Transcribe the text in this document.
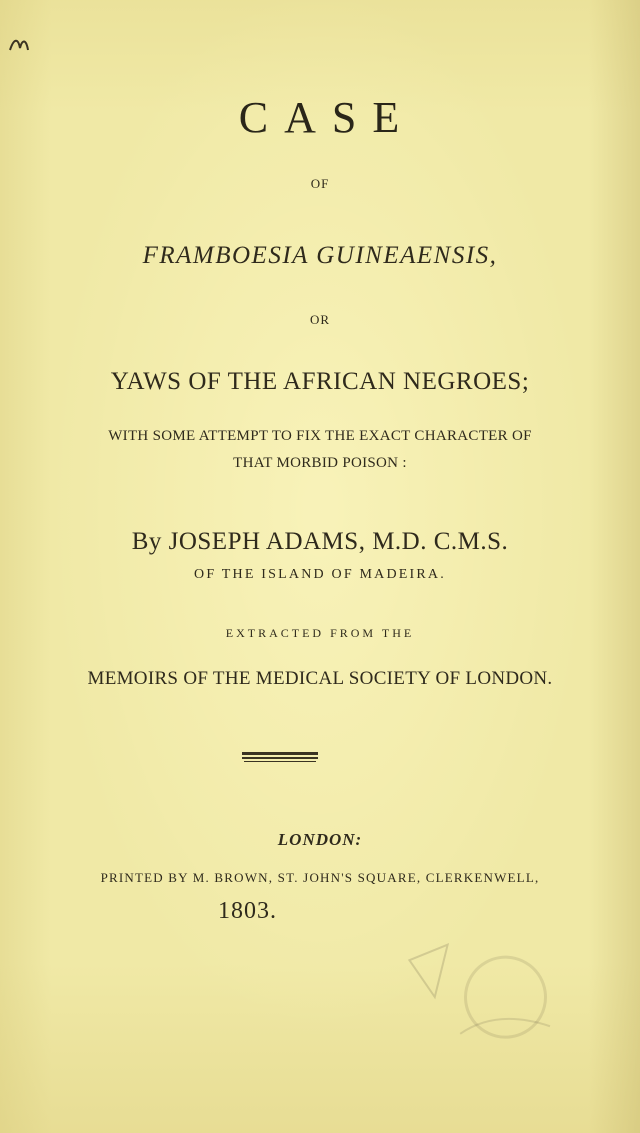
CASE
OF
FRAMBOESIA GUINEAENSIS,
OR
YAWS OF THE AFRICAN NEGROES;
WITH SOME ATTEMPT TO FIX THE EXACT CHARACTER OF
THAT MORBID POISON :
By JOSEPH ADAMS, M.D. C.M.S.
OF THE ISLAND OF MADEIRA.
EXTRACTED FROM THE
MEMOIRS OF THE MEDICAL SOCIETY OF LONDON.
LONDON:
PRINTED BY M. BROWN, ST. JOHN'S SQUARE, CLERKENWELL,
1803.
